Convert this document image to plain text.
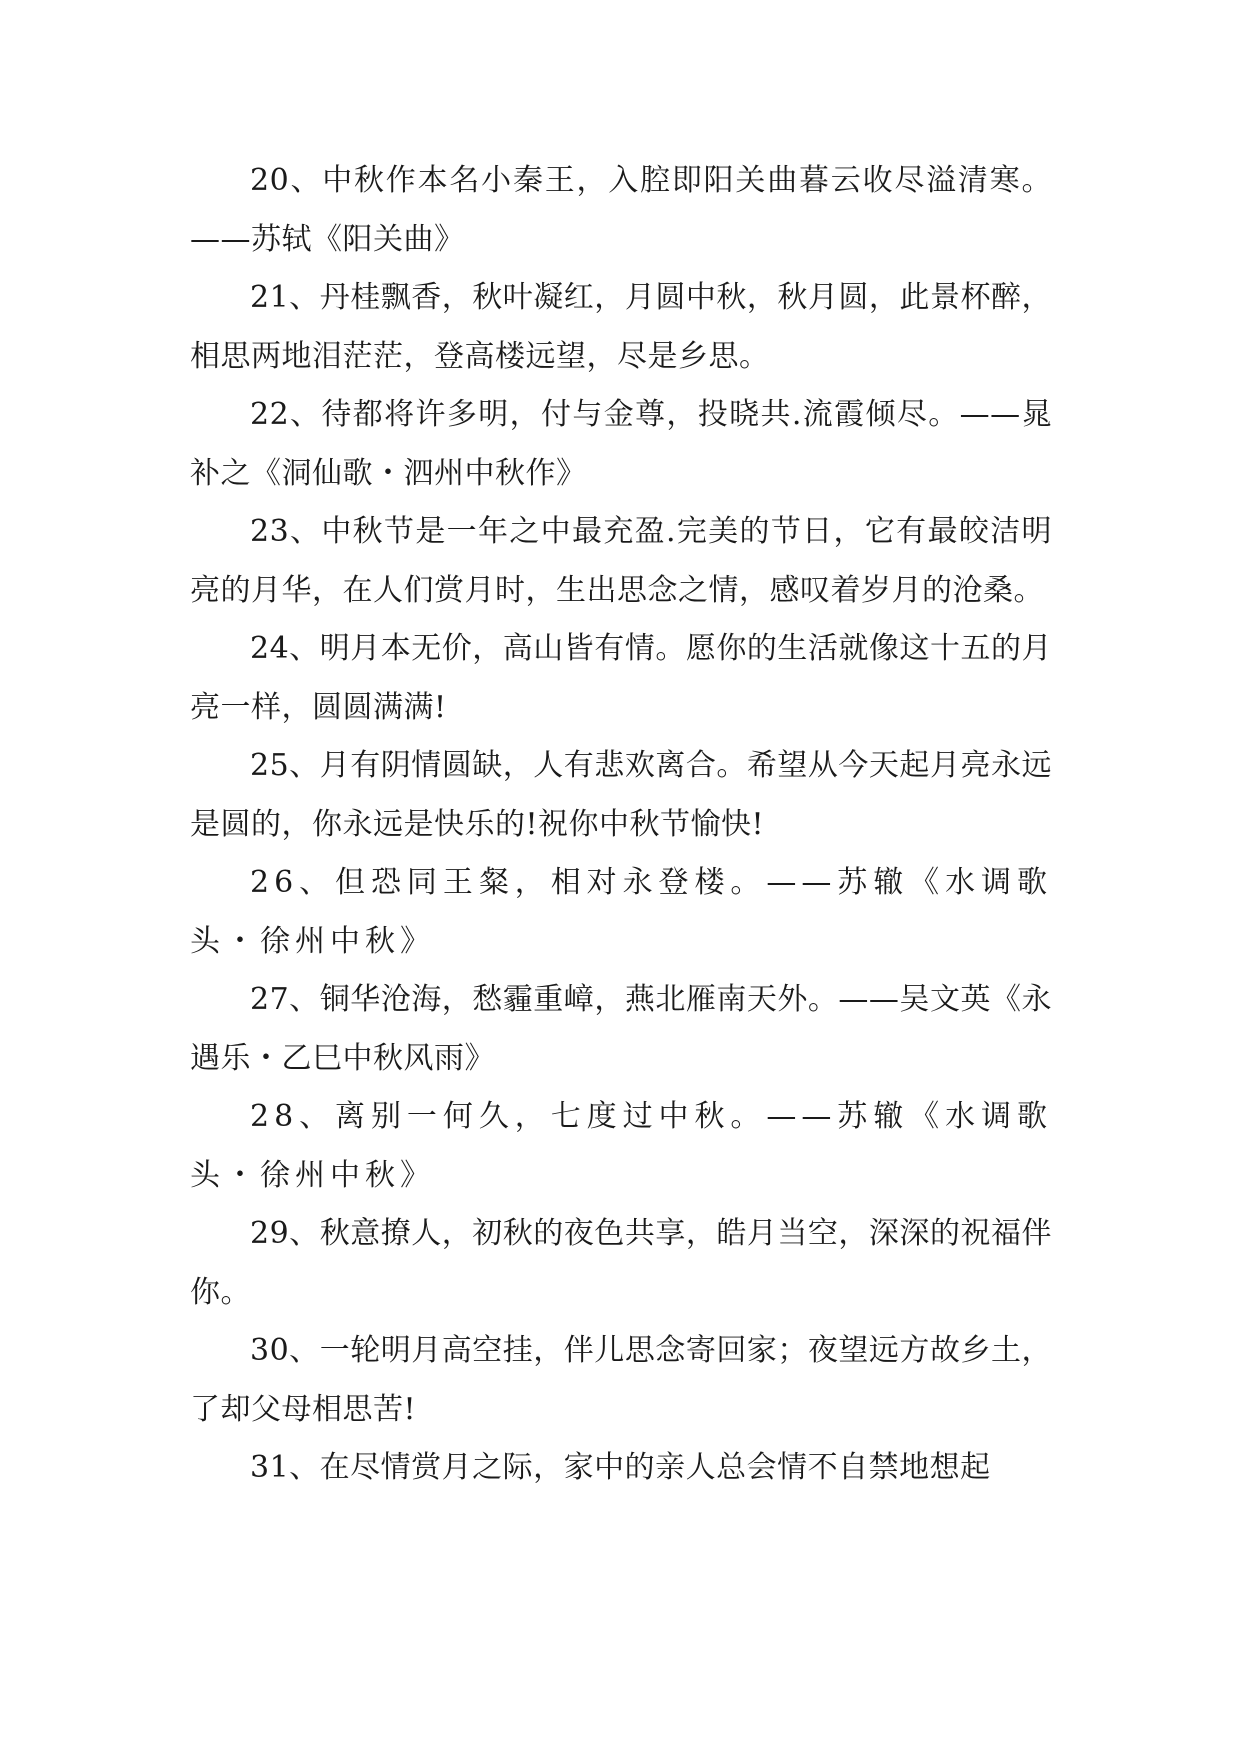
20、中秋作本名小秦王，入腔即阳关曲暮云收尽溢清寒。——苏轼《阳关曲》

21、丹桂飘香，秋叶凝红，月圆中秋，秋月圆，此景杯醉，相思两地泪茫茫，登高楼远望，尽是乡思。

22、待都将许多明，付与金尊，投晓共.流霞倾尽。——晁补之《洞仙歌・泗州中秋作》

23、中秋节是一年之中最充盈.完美的节日，它有最皎洁明亮的月华，在人们赏月时，生出思念之情，感叹着岁月的沧桑。

24、明月本无价，高山皆有情。愿你的生活就像这十五的月亮一样，圆圆满满!

25、月有阴情圆缺，人有悲欢离合。希望从今天起月亮永远是圆的，你永远是快乐的!祝你中秋节愉快!

26、但恐同王粲，相对永登楼。——苏辙《水调歌头・徐州中秋》

27、铜华沧海，愁霾重嶂，燕北雁南天外。——吴文英《永遇乐・乙巳中秋风雨》

28、离别一何久，七度过中秋。——苏辙《水调歌头・徐州中秋》

29、秋意撩人，初秋的夜色共享，皓月当空，深深的祝福伴你。

30、一轮明月高空挂，伴儿思念寄回家；夜望远方故乡土，了却父母相思苦!

31、在尽情赏月之际，家中的亲人总会情不自禁地想起
